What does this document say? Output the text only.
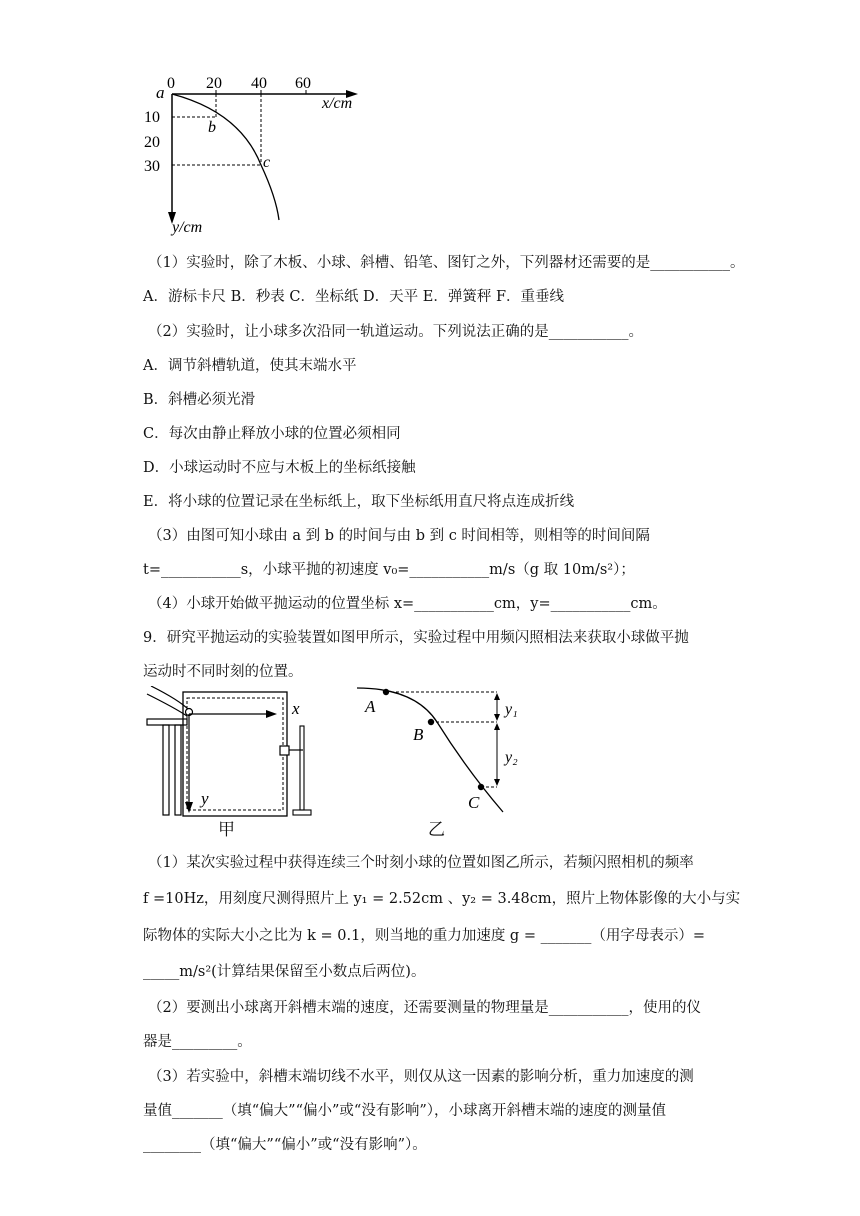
a 0 20 40 60
x/cm
10
20
30
y/cm
b
c
（1）实验时，除了木板、小球、斜槽、铅笔、图钉之外，下列器材还需要的是___________。
A．游标卡尺 B．秒表 C．坐标纸 D．天平 E．弹簧秤 F．重垂线
（2）实验时，让小球多次沿同一轨道运动。下列说法正确的是___________。
A．调节斜槽轨道，使其末端水平
B．斜槽必须光滑
C．每次由静止释放小球的位置必须相同
D．小球运动时不应与木板上的坐标纸接触
E．将小球的位置记录在坐标纸上，取下坐标纸用直尺将点连成折线
（3）由图可知小球由 a 到 b 的时间与由 b 到 c 时间相等，则相等的时间间隔
t=___________s，小球平抛的初速度 v₀=___________m/s（g 取 10m/s²）；
（4）小球开始做平抛运动的位置坐标 x=___________cm，y=___________cm。
9．研究平抛运动的实验装置如图甲所示，实验过程中用频闪照相法来获取小球做平抛
运动时不同时刻的位置。
x
y
甲
A
B
C
y₁
y₂
乙
（1）某次实验过程中获得连续三个时刻小球的位置如图乙所示，若频闪照相机的频率
f =10Hz，用刻度尺测得照片上 y₁ = 2.52cm 、y₂ = 3.48cm，照片上物体影像的大小与实
际物体的实际大小之比为 k = 0.1，则当地的重力加速度 g = _______（用字母表示）=
_____m/s²(计算结果保留至小数点后两位)。
（2）要测出小球离开斜槽末端的速度，还需要测量的物理量是___________，使用的仪
器是_________。
（3）若实验中，斜槽末端切线不水平，则仅从这一因素的影响分析，重力加速度的测
量值_______（填“偏大”“偏小”或“没有影响”），小球离开斜槽末端的速度的测量值
________（填“偏大”“偏小”或“没有影响”）。
